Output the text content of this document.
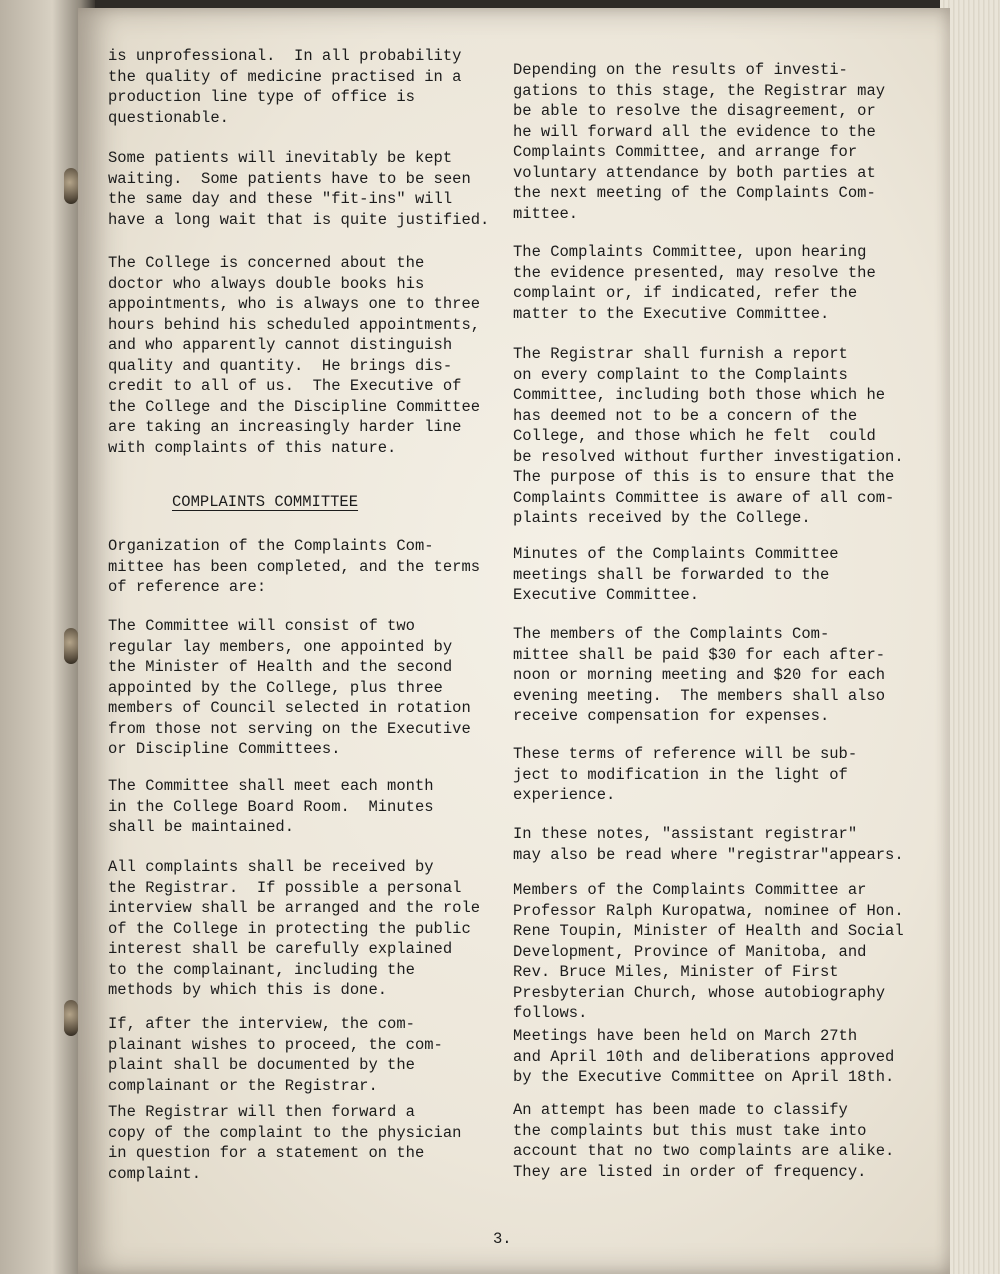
is unprofessional.  In all probability
the quality of medicine practised in a
production line type of office is
questionable.

Some patients will inevitably be kept
waiting.  Some patients have to be seen
the same day and these "fit-ins" will
have a long wait that is quite justified.

The College is concerned about the
doctor who always double books his
appointments, who is always one to three
hours behind his scheduled appointments,
and who apparently cannot distinguish
quality and quantity.  He brings dis-
credit to all of us.  The Executive of
the College and the Discipline Committee
are taking an increasingly harder line
with complaints of this nature.

COMPLAINTS COMMITTEE

Organization of the Complaints Com-
mittee has been completed, and the terms
of reference are:

The Committee will consist of two
regular lay members, one appointed by
the Minister of Health and the second
appointed by the College, plus three
members of Council selected in rotation
from those not serving on the Executive
or Discipline Committees.

The Committee shall meet each month
in the College Board Room.  Minutes
shall be maintained.

All complaints shall be received by
the Registrar.  If possible a personal
interview shall be arranged and the role
of the College in protecting the public
interest shall be carefully explained
to the complainant, including the
methods by which this is done.

If, after the interview, the com-
plainant wishes to proceed, the com-
plaint shall be documented by the
complainant or the Registrar.

The Registrar will then forward a
copy of the complaint to the physician
in question for a statement on the
complaint.

Depending on the results of investi-
gations to this stage, the Registrar may
be able to resolve the disagreement, or
he will forward all the evidence to the
Complaints Committee, and arrange for
voluntary attendance by both parties at
the next meeting of the Complaints Com-
mittee.

The Complaints Committee, upon hearing
the evidence presented, may resolve the
complaint or, if indicated, refer the
matter to the Executive Committee.

The Registrar shall furnish a report
on every complaint to the Complaints
Committee, including both those which he
has deemed not to be a concern of the
College, and those which he felt  could
be resolved without further investigation.
The purpose of this is to ensure that the
Complaints Committee is aware of all com-
plaints received by the College.

Minutes of the Complaints Committee
meetings shall be forwarded to the
Executive Committee.

The members of the Complaints Com-
mittee shall be paid $30 for each after-
noon or morning meeting and $20 for each
evening meeting.  The members shall also
receive compensation for expenses.

These terms of reference will be sub-
ject to modification in the light of
experience.

In these notes, "assistant registrar"
may also be read where "registrar"appears.

Members of the Complaints Committee ar
Professor Ralph Kuropatwa, nominee of Hon.
Rene Toupin, Minister of Health and Social
Development, Province of Manitoba, and
Rev. Bruce Miles, Minister of First
Presbyterian Church, whose autobiography
follows.

Meetings have been held on March 27th
and April 10th and deliberations approved
by the Executive Committee on April 18th.

An attempt has been made to classify
the complaints but this must take into
account that no two complaints are alike.
They are listed in order of frequency.

3.
